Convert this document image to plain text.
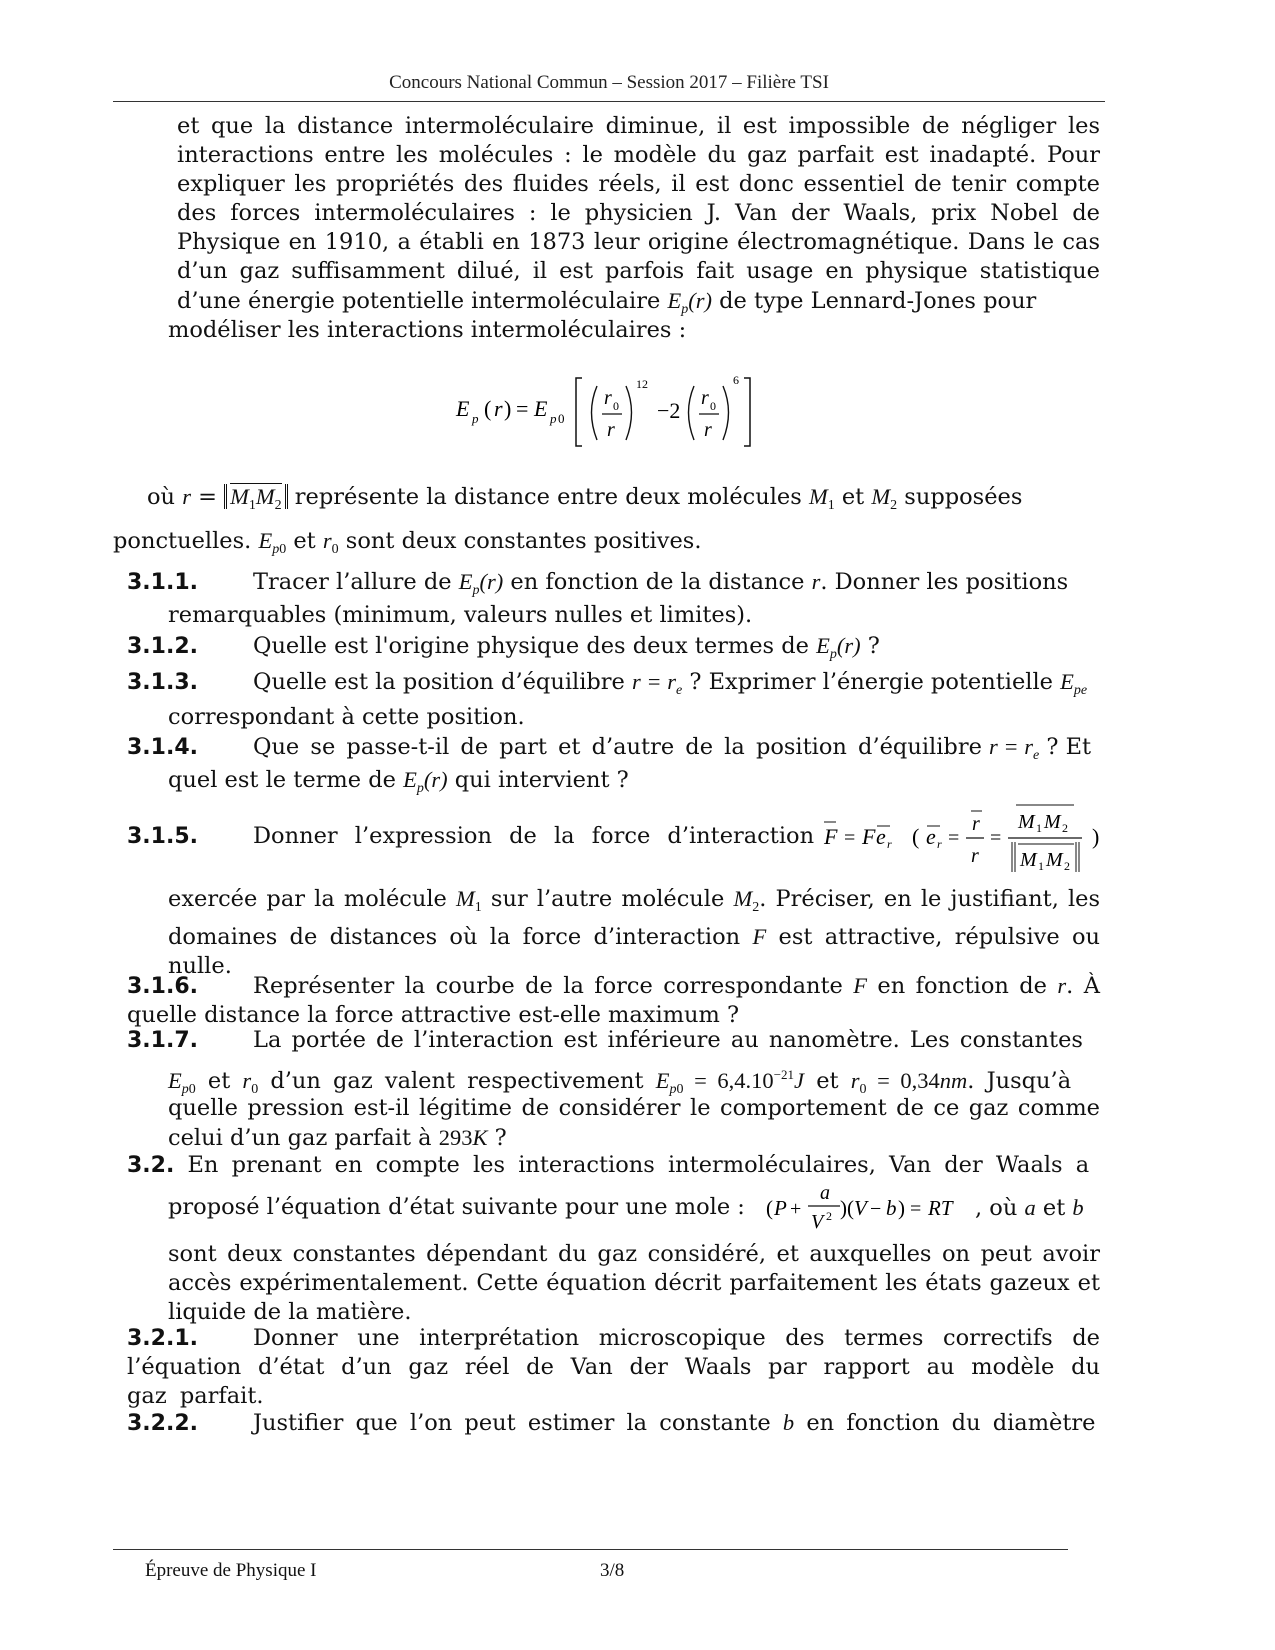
Concours National Commun – Session 2017 – Filière TSI
et que la distance intermoléculaire diminue, il est impossible de négliger les interactions entre les molécules : le modèle du gaz parfait est inadapté. Pour expliquer les propriétés des fluides réels, il est donc essentiel de tenir compte des forces intermoléculaires : le physicien J. Van der Waals, prix Nobel de Physique en 1910, a établi en 1873 leur origine électromagnétique. Dans le cas d’un gaz suffisamment dilué, il est parfois fait usage en physique statistique d’une énergie potentielle intermoléculaire $E_p(r)$ de type Lennard-Jones pour
modéliser les interactions intermoléculaires :
E p ( r ) = E p 0
r 0
r
12
−2 r 0
r
6
où $r = M_1M_2$ représente la distance entre deux molécules $M_1$ et $M_2$ supposées
ponctuelles. $E_{p0}$ et $r_0$ sont deux constantes positives.
3.1.1. Tracer l’allure de $E_p(r)$ en fonction de la distance r. Donner les positions
remarquables (minimum, valeurs nulles et limites).
3.1.2. Quelle est l'origine physique des deux termes de $E_p(r)$ ?
3.1.3. Quelle est la position d’équilibre $r = r_e$ ? Exprimer l’énergie potentielle $E_{pe}$
correspondant à cette position.
3.1.4. Que se passe-t-il de part et d’autre de la position d’équilibre $r = r_e$ ? Et
quel est le terme de $E_p(r)$ qui intervient ?
3.1.5. Donner l’expression de la force d’interaction F = F e r ( e r =
r
r
=
M 1 M 2
M 1 M 2
)
exercée par la molécule $M_1$ sur l’autre molécule $M_2$. Préciser, en le justifiant, les domaines de distances où la force d’interaction F est attractive, répulsive ou nulle.
3.1.6. Représenter la courbe de la force correspondante F en fonction de r. À quelle distance la force attractive est-elle maximum ?
3.1.7. La portée de l’interaction est inférieure au nanomètre. Les constantes
$E_{p0}$ et $r_0$ d’un gaz valent respectivement $E_{p0} = 6,4.10^{-21}J$ et $r_0 = 0,34nm$. Jusqu’à
quelle pression est-il légitime de considérer le comportement de ce gaz comme celui d’un gaz parfait à 293K ?
3.2. En prenant en compte les interactions intermoléculaires, Van der Waals a
proposé l’équation d’état suivante pour une mole : ( P +
a
V 2 )( V − b ) = RT , où a et b
sont deux constantes dépendant du gaz considéré, et auxquelles on peut avoir accès expérimentalement. Cette équation décrit parfaitement les états gazeux et liquide de la matière.
3.2.1. Donner une interprétation microscopique des termes correctifs de l’équation d’état d’un gaz réel de Van der Waals par rapport au modèle du gaz parfait.
3.2.2. Justifier que l’on peut estimer la constante b en fonction du diamètre
Épreuve de Physique I	3/8
